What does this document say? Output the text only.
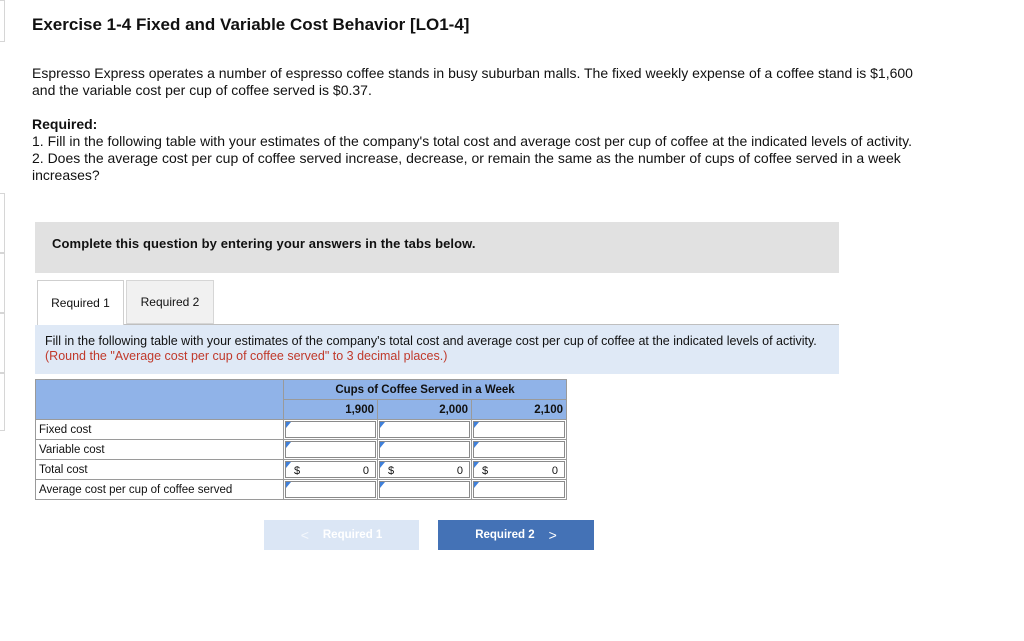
Exercise 1-4 Fixed and Variable Cost Behavior [LO1-4]

Espresso Express operates a number of espresso coffee stands in busy suburban malls. The fixed weekly expense of a coffee stand is $1,600 and the variable cost per cup of coffee served is $0.37.

Required:
1. Fill in the following table with your estimates of the company's total cost and average cost per cup of coffee at the indicated levels of activity.
2. Does the average cost per cup of coffee served increase, decrease, or remain the same as the number of cups of coffee served in a week increases?
Complete this question by entering your answers in the tabs below.
Required 1	Required 2
Fill in the following table with your estimates of the company's total cost and average cost per cup of coffee at the indicated levels of activity. (Round the "Average cost per cup of coffee served" to 3 decimal places.)
	Cups of Coffee Served in a Week		
	1,900	2,000	2,100
Fixed cost	

Variable cost	

Total cost	$ 0	$ 0	$ 0

Average cost per cup of coffee served	

< Required 1	Required 2 >
